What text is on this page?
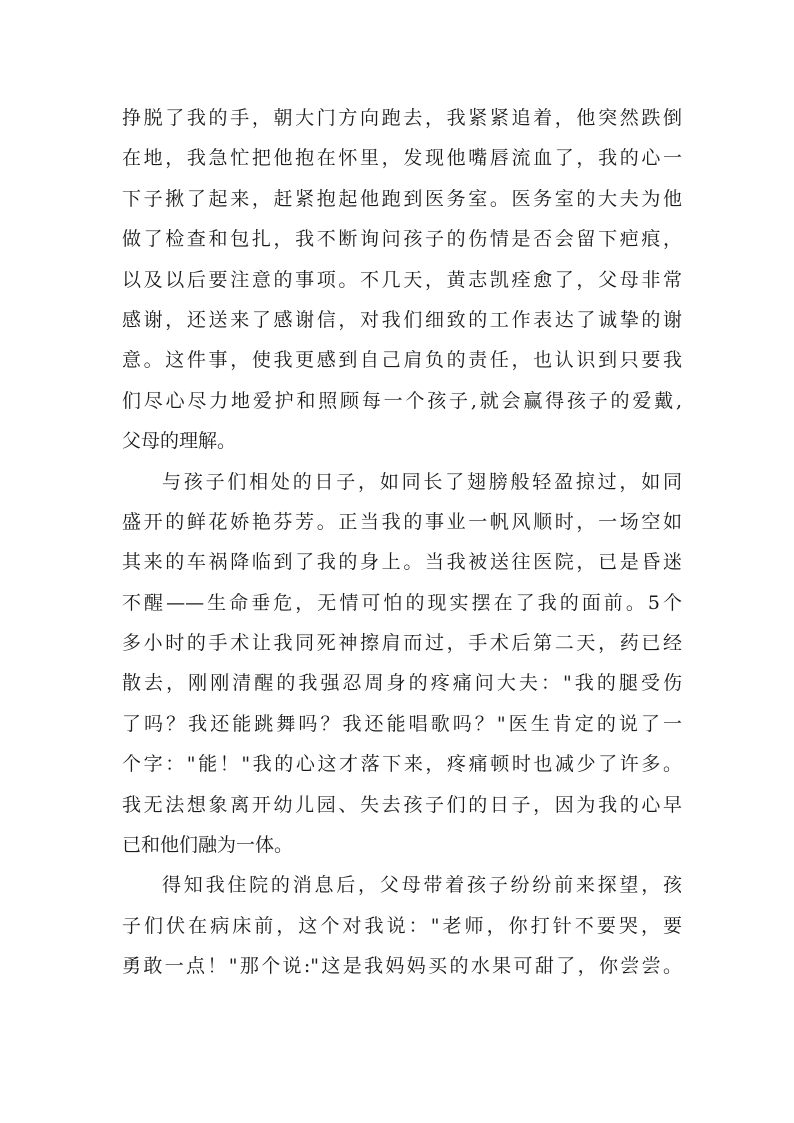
挣脱了我的手，朝大门方向跑去，我紧紧追着，他突然跌倒
在地，我急忙把他抱在怀里，发现他嘴唇流血了，我的心一
下子揪了起来，赶紧抱起他跑到医务室。医务室的大夫为他
做了检查和包扎，我不断询问孩子的伤情是否会留下疤痕，
以及以后要注意的事项。不几天，黄志凯痊愈了，父母非常
感谢，还送来了感谢信，对我们细致的工作表达了诚挚的谢
意。这件事，使我更感到自己肩负的责任，也认识到只要我
们尽心尽力地爱护和照顾每一个孩子,就会赢得孩子的爱戴,
父母的理解。
与孩子们相处的日子，如同长了翅膀般轻盈掠过，如同
盛开的鲜花娇艳芬芳。正当我的事业一帆风顺时，一场空如
其来的车祸降临到了我的身上。当我被送往医院，已是昏迷
不醒——生命垂危，无情可怕的现实摆在了我的面前。5个
多小时的手术让我同死神擦肩而过，手术后第二天，药已经
散去，刚刚清醒的我强忍周身的疼痛问大夫："我的腿受伤
了吗？我还能跳舞吗？我还能唱歌吗？"医生肯定的说了一
个字："能！"我的心这才落下来，疼痛顿时也减少了许多。
我无法想象离开幼儿园、失去孩子们的日子，因为我的心早
已和他们融为一体。
得知我住院的消息后，父母带着孩子纷纷前来探望，孩
子们伏在病床前，这个对我说："老师，你打针不要哭，要
勇敢一点！"那个说:"这是我妈妈买的水果可甜了，你尝尝。
